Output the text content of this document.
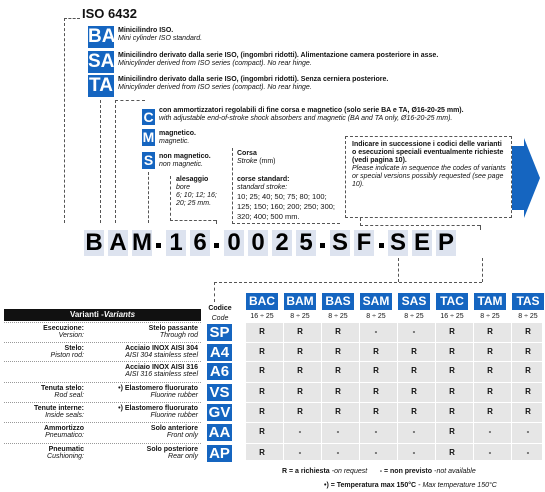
ISO 6432
BA Minicilindro ISO.
Mini cylinder ISO standard.
SA Minicilindro derivato dalla serie ISO, (ingombri ridotti). Alimentazione camera posteriore in asse.
Minicylinder derived from ISO series (compact). No rear hinge.
TA Minicilindro derivato dalla serie ISO, (ingombri ridotti). Senza cerniera posteriore.
Minicylinder derived from ISO series (compact). No rear hinge.
C con ammortizzatori regolabili di fine corsa e magnetico (solo serie BA e TA, Ø16-20-25 mm).
with adjustable end-of-stroke shock absorbers and magnetic (BA and TA only, Ø16-20-25 mm).
M magnetico.
magnetic.
S non magnetico.
non magnetic.
alesaggio
bore
6; 10; 12; 16; 20; 25 mm.
Corsa
Stroke (mm)
corse standard:
standard stroke:

10; 25; 40; 50; 75; 80; 100; 125; 150; 160; 200; 250; 300; 320; 400; 500 mm.
Indicare in successione i codici delle varianti o esecuzioni speciali eventualmente richieste (vedi pagina 10).
Please indicate in sequence the codes of variants or special versions possibly requested (see page 10).
B A M 1 6 0 0 2 5 S F S E P
Varianti -Variants
Codice
Code
BAC
16 ÷ 25
BAM
8 ÷ 25
BAS
8 ÷ 25
SAM
8 ÷ 25
SAS
8 ÷ 25
TAC
16 ÷ 25
TAM
8 ÷ 25
TAS
8 ÷ 25
Esecuzione:
Version:
Stelo passante
Through rod SP	R	R	R	-	-	R	R	R
Stelo:
Piston rod:
Acciaio INOX AISI 304
AISI 304 stainless steel A4	R	R	R	R	R	R	R	R

Acciaio INOX AISI 316
AISI 316 stainless steel A6	R	R	R	R	R	R	R	R
Tenuta stelo:
Rod seal:
•) Elastomero fluorurato
Fluorine rubber VS	R	R	R	R	R	R	R	R
Tenute interne:
Inside seals:
•) Elastomero fluorurato
Fluorine rubber GV	R	R	R	R	R	R	R	R
Ammortizzo
Pneumatico:
Solo anteriore
Front only AA	R	-	-	-	-	R	-	-
Pneumatic
Cushioning:
Solo posteriore
Rear only AP	R	-	-	-	-	R	-	-
R = a richiesta -on request - = non previsto -not available
•) = Temperatura max 150°C - Max temperature 150°C
